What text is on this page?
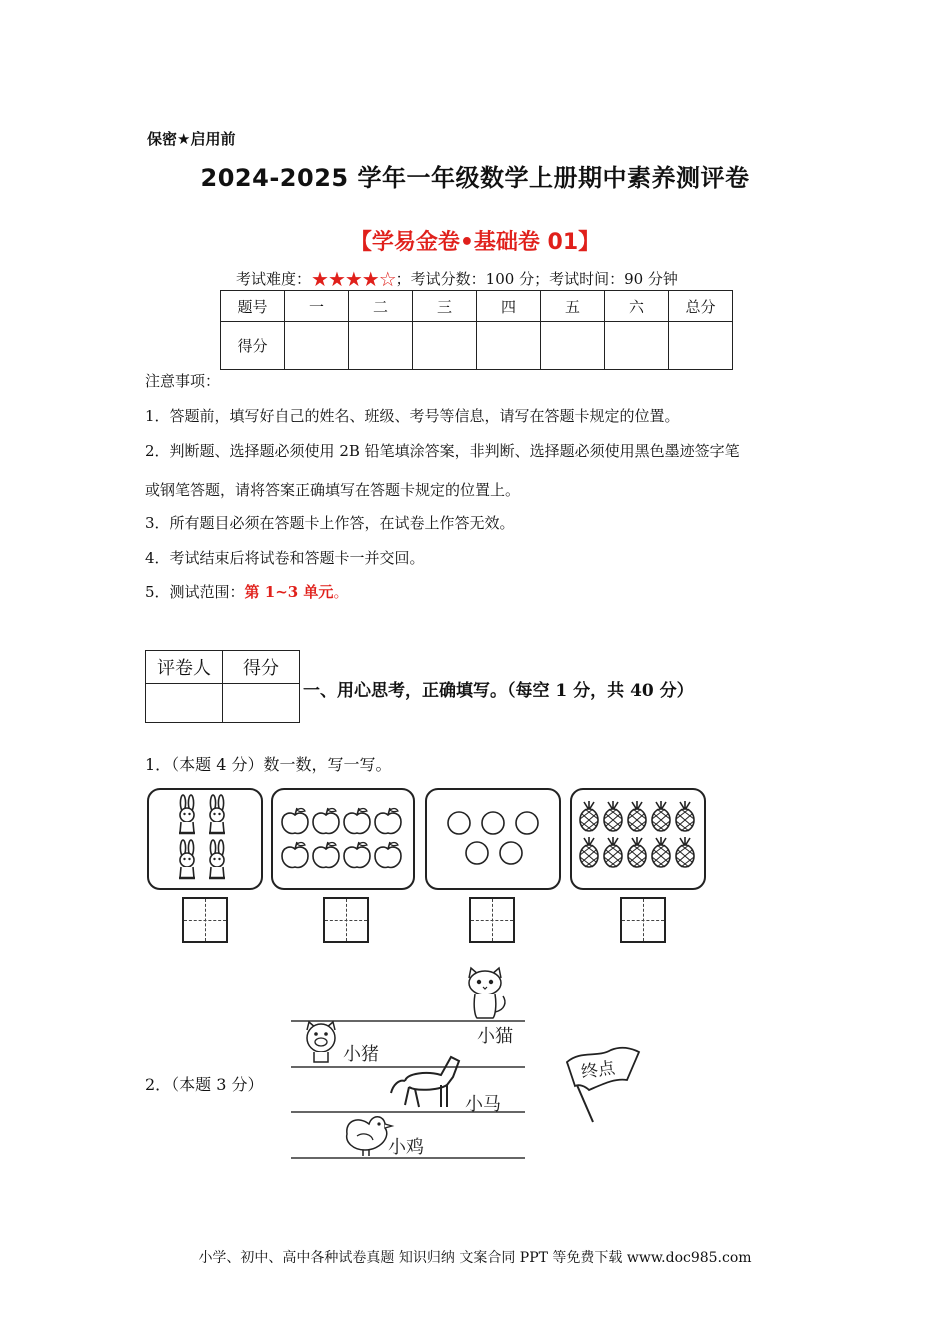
保密★启用前
2024-2025 学年一年级数学上册期中素养测评卷
【学易金卷•基础卷 01】
考试难度：★★★★☆；考试分数：100 分；考试时间：90 分钟
题号	一	二	三	四	五	六	总分
得分							
注意事项：
1．答题前，填写好自己的姓名、班级、考号等信息，请写在答题卡规定的位置。
2．判断题、选择题必须使用 2B 铅笔填涂答案，非判断、选择题必须使用黑色墨迹签字笔
或钢笔答题，请将答案正确填写在答题卡规定的位置上。
3．所有题目必须在答题卡上作答，在试卷上作答无效。
4．考试结束后将试卷和答题卡一并交回。
5．测试范围：第 1~3 单元。
评卷人	得分

一、用心思考，正确填写。（每空 1 分，共 40 分）
1．（本题 4 分）数一数，写一写。
2．（本题 3 分）
小猫
小猪
小马
小鸡
终点
小学、初中、高中各种试卷真题 知识归纳 文案合同 PPT 等免费下载 www.doc985.com
